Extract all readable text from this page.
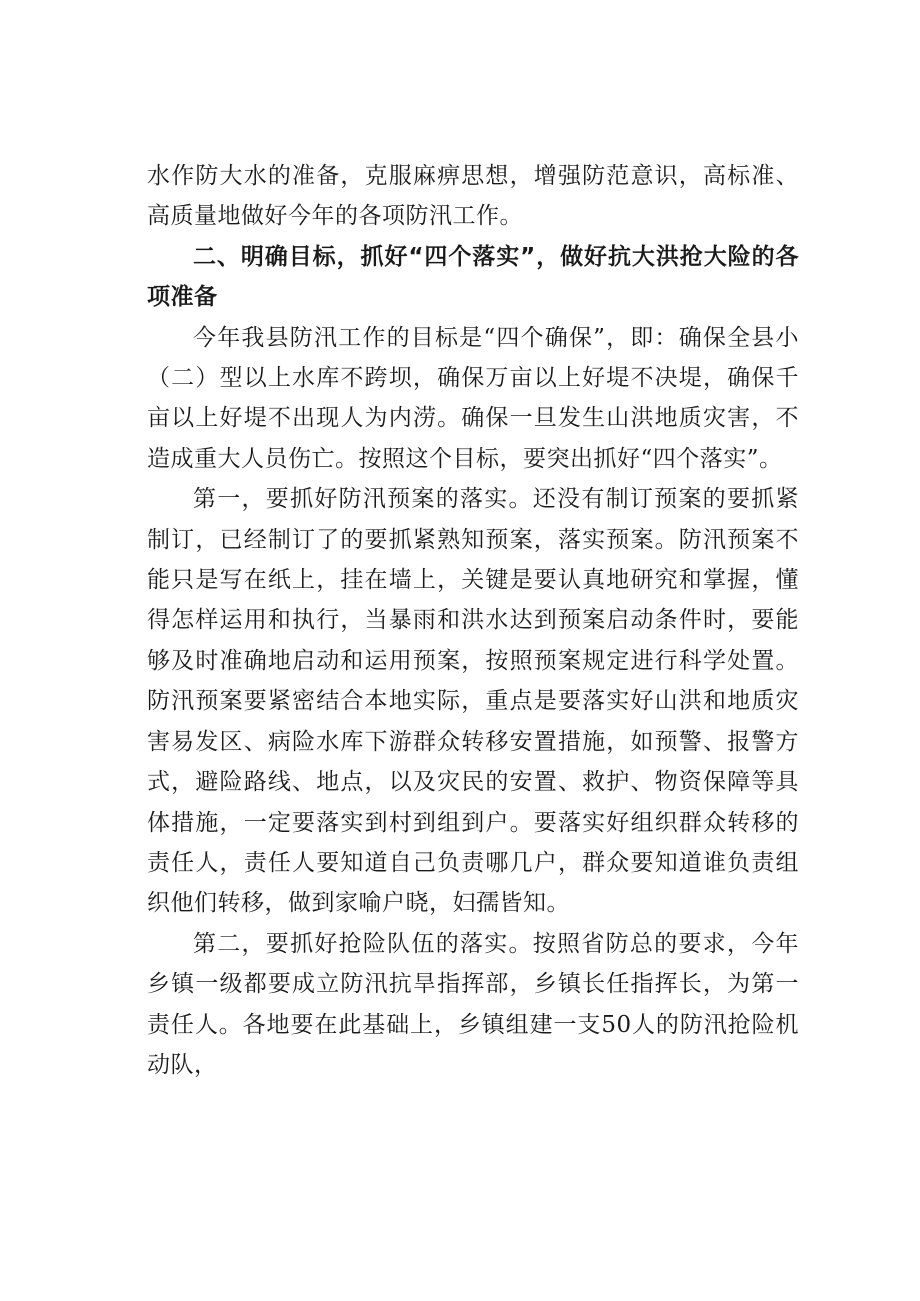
水作防大水的准备，克服麻痹思想，增强防范意识，高标准、高质量地做好今年的各项防汛工作。

二、明确目标，抓好“四个落实”，做好抗大洪抢大险的各项准备

今年我县防汛工作的目标是“四个确保”，即：确保全县小（二）型以上水库不跨坝，确保万亩以上好堤不决堤，确保千亩以上好堤不出现人为内涝。确保一旦发生山洪地质灾害，不造成重大人员伤亡。按照这个目标，要突出抓好“四个落实”。

第一，要抓好防汛预案的落实。还没有制订预案的要抓紧制订，已经制订了的要抓紧熟知预案，落实预案。防汛预案不能只是写在纸上，挂在墙上，关键是要认真地研究和掌握，懂得怎样运用和执行，当暴雨和洪水达到预案启动条件时，要能够及时准确地启动和运用预案，按照预案规定进行科学处置。防汛预案要紧密结合本地实际，重点是要落实好山洪和地质灾害易发区、病险水库下游群众转移安置措施，如预警、报警方式，避险路线、地点，以及灾民的安置、救护、物资保障等具体措施，一定要落实到村到组到户。要落实好组织群众转移的责任人，责任人要知道自己负责哪几户，群众要知道谁负责组织他们转移，做到家喻户晓，妇孺皆知。

第二，要抓好抢险队伍的落实。按照省防总的要求，今年乡镇一级都要成立防汛抗旱指挥部，乡镇长任指挥长，为第一责任人。各地要在此基础上，乡镇组建一支50人的防汛抢险机动队，
